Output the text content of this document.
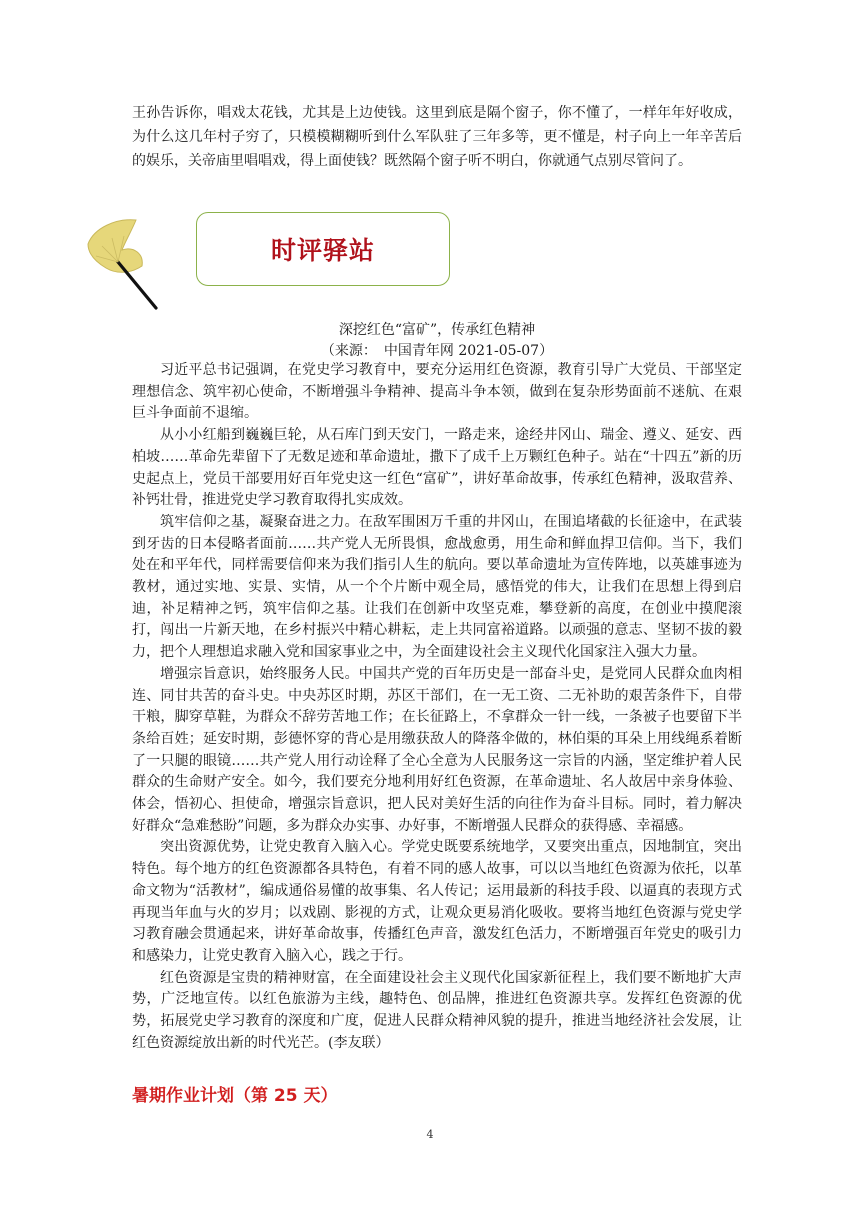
王孙告诉你，唱戏太花钱，尤其是上边使钱。这里到底是隔个窗子，你不懂了，一样年年好收成，为什么这几年村子穷了，只模模糊糊听到什么军队驻了三年多等，更不懂是，村子向上一年辛苦后的娱乐，关帝庙里唱唱戏，得上面使钱？既然隔个窗子听不明白，你就通气点别尽管问了。

时评驿站

深挖红色“富矿”，传承红色精神

（来源：　中国青年网 2021-05-07）

习近平总书记强调，在党史学习教育中，要充分运用红色资源，教育引导广大党员、干部坚定理想信念、筑牢初心使命，不断增强斗争精神、提高斗争本领，做到在复杂形势面前不迷航、在艰巨斗争面前不退缩。

从小小红船到巍巍巨轮，从石库门到天安门，一路走来，途经井冈山、瑞金、遵义、延安、西柏坡……革命先辈留下了无数足迹和革命遗址，撒下了成千上万颗红色种子。站在“十四五”新的历史起点上，党员干部要用好百年党史这一红色“富矿”，讲好革命故事，传承红色精神，汲取营养、补钙壮骨，推进党史学习教育取得扎实成效。

筑牢信仰之基，凝聚奋进之力。在敌军围困万千重的井冈山，在围追堵截的长征途中，在武装到牙齿的日本侵略者面前……共产党人无所畏惧，愈战愈勇，用生命和鲜血捍卫信仰。当下，我们处在和平年代，同样需要信仰来为我们指引人生的航向。要以革命遗址为宣传阵地，以英雄事迹为教材，通过实地、实景、实情，从一个个片断中观全局，感悟党的伟大，让我们在思想上得到启迪，补足精神之钙，筑牢信仰之基。让我们在创新中攻坚克难，攀登新的高度，在创业中摸爬滚打，闯出一片新天地，在乡村振兴中精心耕耘，走上共同富裕道路。以顽强的意志、坚韧不拔的毅力，把个人理想追求融入党和国家事业之中，为全面建设社会主义现代化国家注入强大力量。

增强宗旨意识，始终服务人民。中国共产党的百年历史是一部奋斗史，是党同人民群众血肉相连、同甘共苦的奋斗史。中央苏区时期，苏区干部们，在一无工资、二无补助的艰苦条件下，自带干粮，脚穿草鞋，为群众不辞劳苦地工作；在长征路上，不拿群众一针一线，一条被子也要留下半条给百姓；延安时期，彭德怀穿的背心是用缴获敌人的降落伞做的，林伯渠的耳朵上用线绳系着断了一只腿的眼镜……共产党人用行动诠释了全心全意为人民服务这一宗旨的内涵，坚定维护着人民群众的生命财产安全。如今，我们要充分地利用好红色资源，在革命遗址、名人故居中亲身体验、体会，悟初心、担使命，增强宗旨意识，把人民对美好生活的向往作为奋斗目标。同时，着力解决好群众“急难愁盼”问题，多为群众办实事、办好事，不断增强人民群众的获得感、幸福感。

突出资源优势，让党史教育入脑入心。学党史既要系统地学，又要突出重点，因地制宜，突出特色。每个地方的红色资源都各具特色，有着不同的感人故事，可以以当地红色资源为依托，以革命文物为“活教材”，编成通俗易懂的故事集、名人传记；运用最新的科技手段、以逼真的表现方式再现当年血与火的岁月；以戏剧、影视的方式，让观众更易消化吸收。要将当地红色资源与党史学习教育融会贯通起来，讲好革命故事，传播红色声音，激发红色活力，不断增强百年党史的吸引力和感染力，让党史教育入脑入心，践之于行。

红色资源是宝贵的精神财富，在全面建设社会主义现代化国家新征程上，我们要不断地扩大声势，广泛地宣传。以红色旅游为主线，趣特色、创品牌，推进红色资源共享。发挥红色资源的优势，拓展党史学习教育的深度和广度，促进人民群众精神风貌的提升，推进当地经济社会发展，让红色资源绽放出新的时代光芒。(李友联）

暑期作业计划（第 25 天）

4
